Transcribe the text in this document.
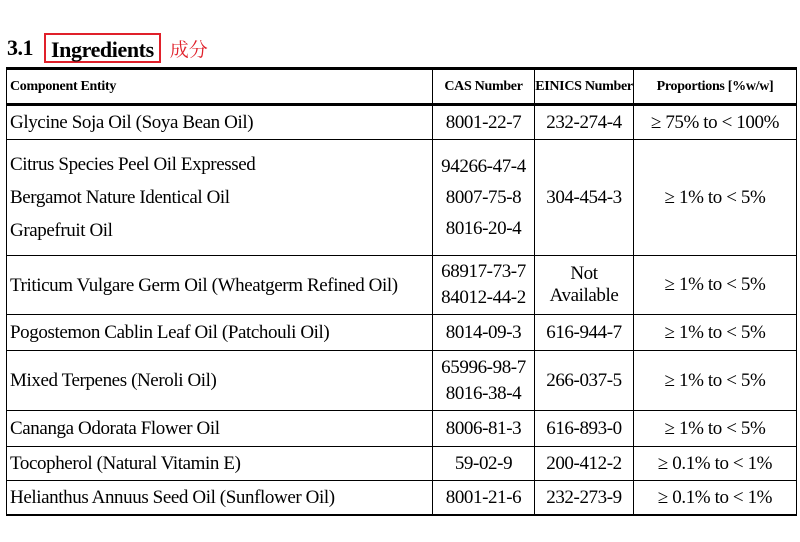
3.1 Ingredients 成分
Component Entity	CAS Number	EINICS Number	Proportions [%w/w]

Glycine Soja Oil (Soya Bean Oil)	8001-22-7	232-274-4	≥ 75% to < 100%

Citrus Species Peel Oil Expressed
Bergamot Nature Identical Oil
Grapefruit Oil	94266-47-4
8007-75-8
8016-20-4	304-454-3	≥ 1% to < 5%

Triticum Vulgare Germ Oil (Wheatgerm Refined Oil)	68917-73-7
84012-44-2	Not Available	≥ 1% to < 5%

Pogostemon Cablin Leaf Oil (Patchouli Oil)	8014-09-3	616-944-7	≥ 1% to < 5%

Mixed Terpenes (Neroli Oil)	65996-98-7
8016-38-4	266-037-5	≥ 1% to < 5%

Cananga Odorata Flower Oil	8006-81-3	616-893-0	≥ 1% to < 5%

Tocopherol (Natural Vitamin E)	59-02-9	200-412-2	≥ 0.1% to < 1%

Helianthus Annuus Seed Oil (Sunflower Oil)	8001-21-6	232-273-9	≥ 0.1% to < 1%
